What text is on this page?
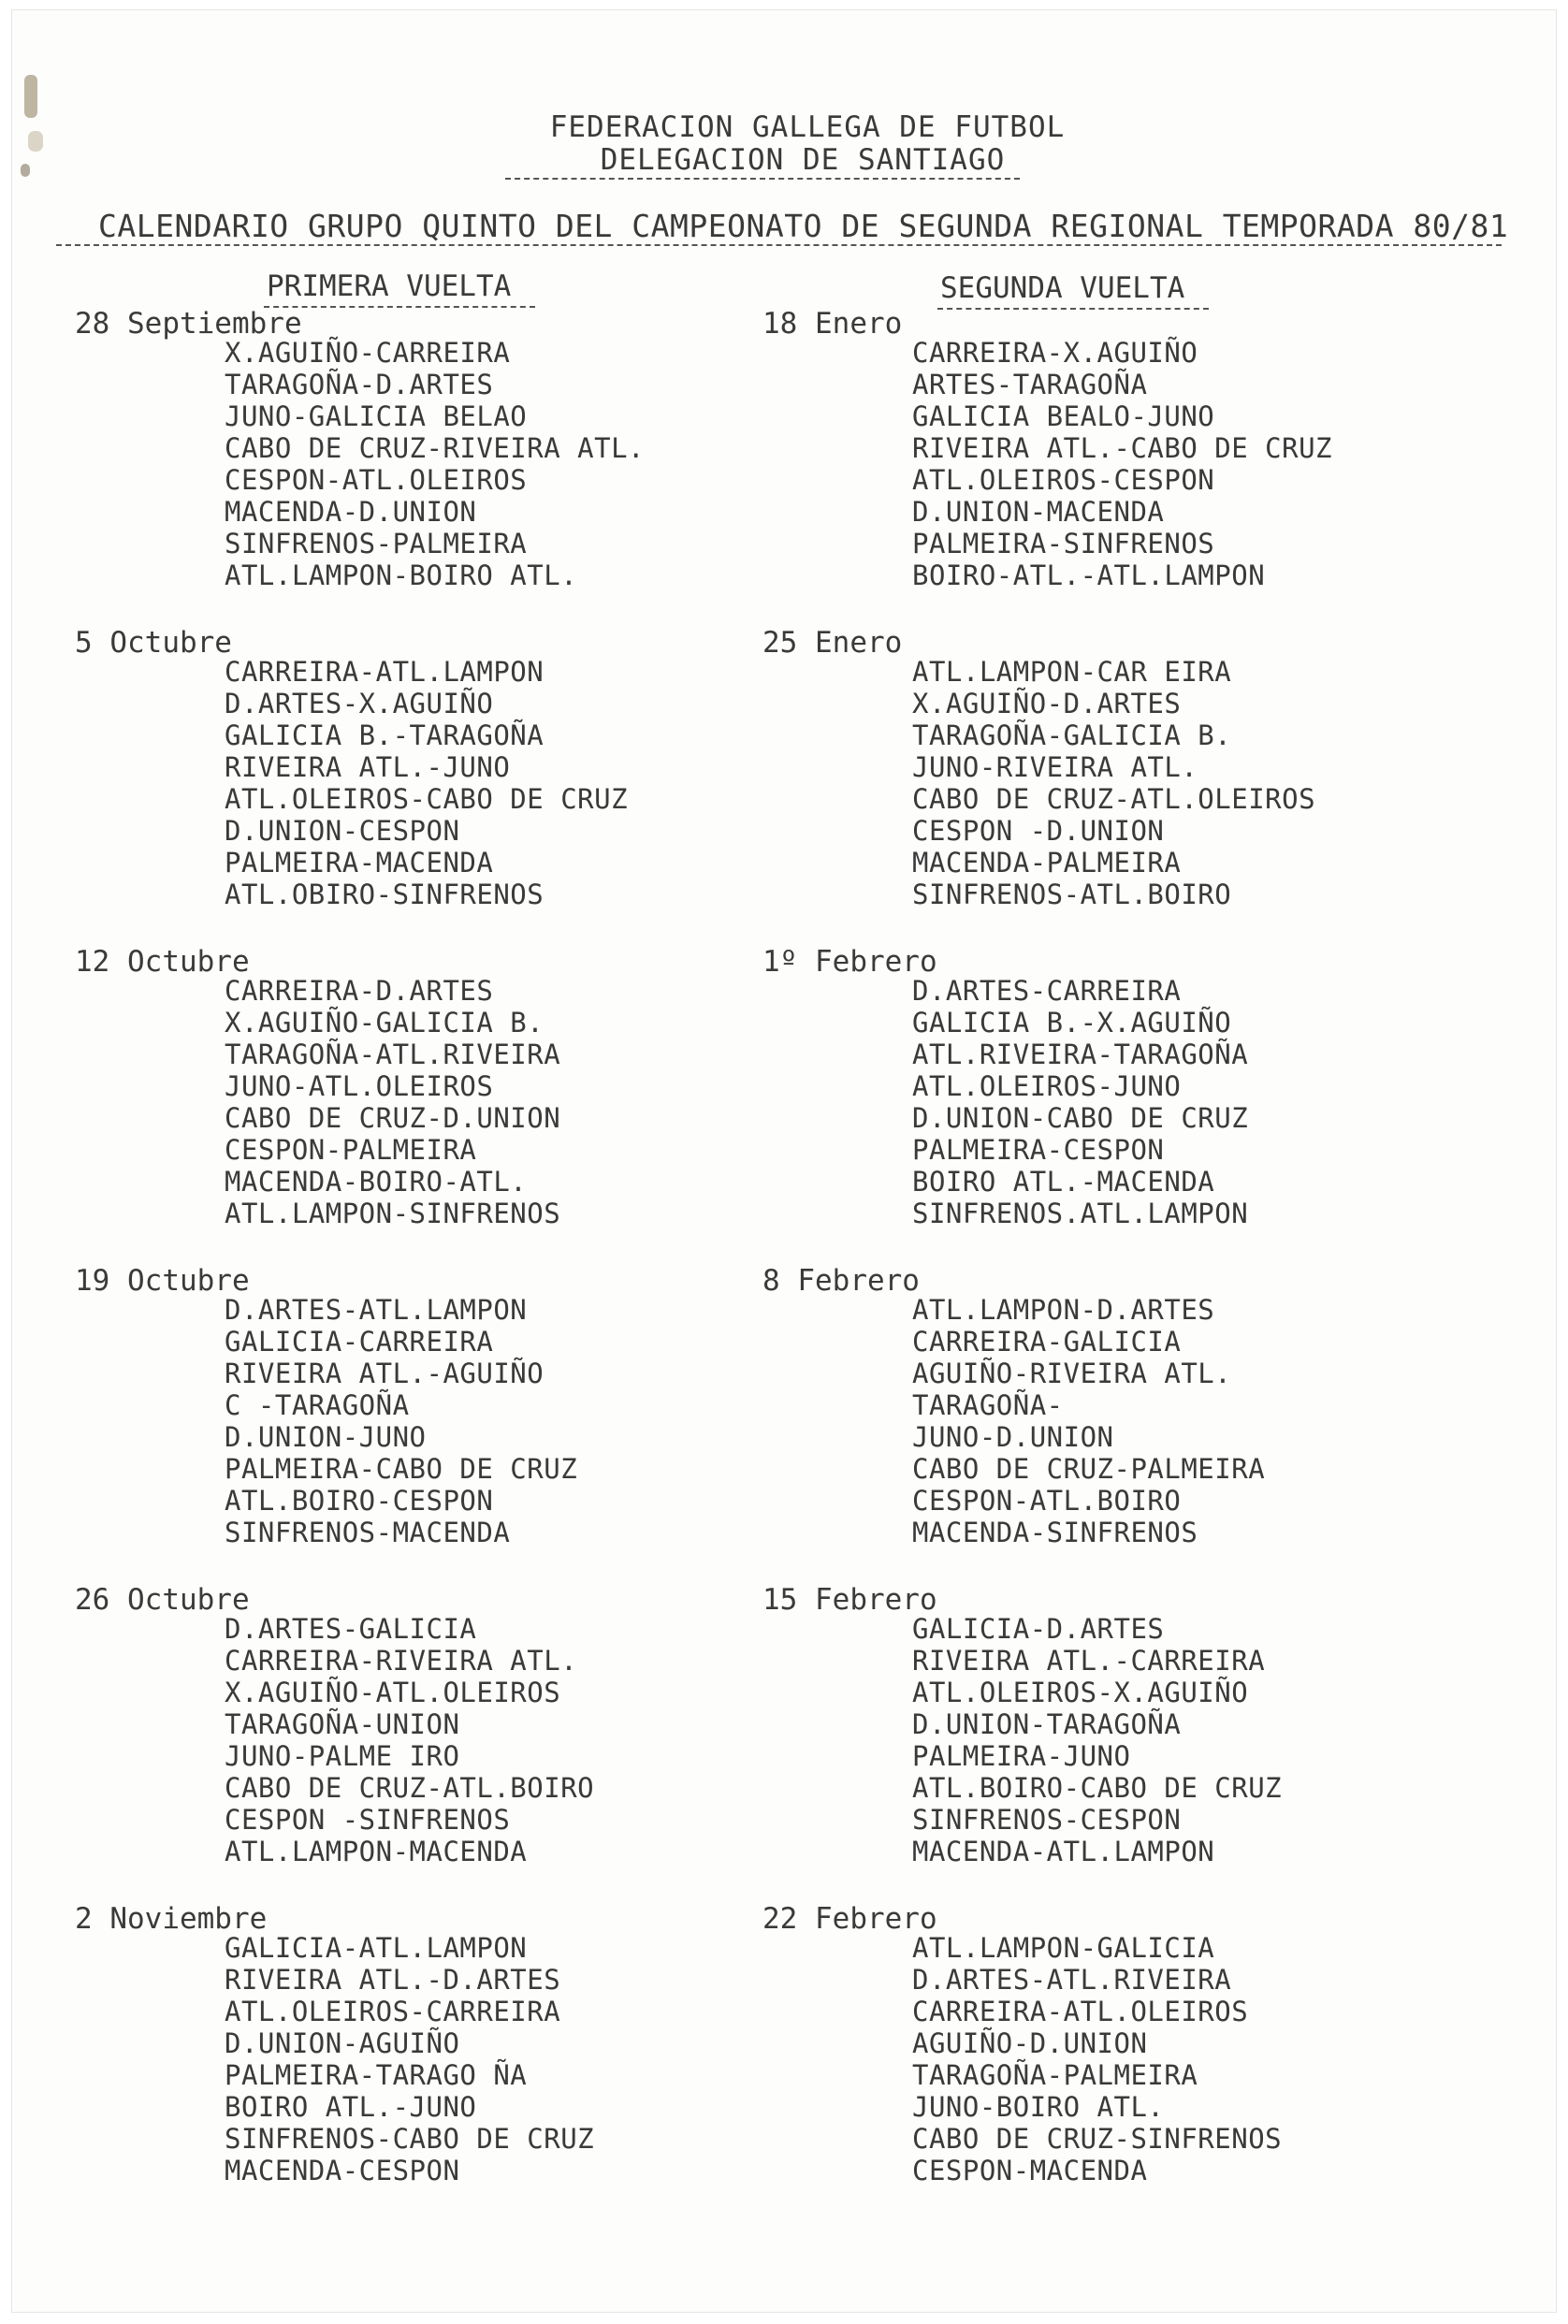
FEDERACION GALLEGA DE FUTBOL
DELEGACION DE SANTIAGO
CALENDARIO GRUPO QUINTO DEL CAMPEONATO DE SEGUNDA REGIONAL TEMPORADA 80/81
PRIMERA VUELTA	SEGUNDA VUELTA
28 Septiembre
X.AGUIÑO-CARREIRA
TARAGOÑA-D.ARTES
JUNO-GALICIA BELAO
CABO DE CRUZ-RIVEIRA ATL.
CESPON-ATL.OLEIROS
MACENDA-D.UNION
SINFRENOS-PALMEIRA
ATL.LAMPON-BOIRO ATL.
5 Octubre
CARREIRA-ATL.LAMPON
D.ARTES-X.AGUIÑO
GALICIA B.-TARAGOÑA
RIVEIRA ATL.-JUNO
ATL.OLEIROS-CABO DE CRUZ
D.UNION-CESPON
PALMEIRA-MACENDA
ATL.OBIRO-SINFRENOS
12 Octubre
CARREIRA-D.ARTES
X.AGUIÑO-GALICIA B.
TARAGOÑA-ATL.RIVEIRA
JUNO-ATL.OLEIROS
CABO DE CRUZ-D.UNION
CESPON-PALMEIRA
MACENDA-BOIRO-ATL.
ATL.LAMPON-SINFRENOS
19 Octubre
D.ARTES-ATL.LAMPON
GALICIA-CARREIRA
RIVEIRA ATL.-AGUIÑO
C -TARAGOÑA
D.UNION-JUNO
PALMEIRA-CABO DE CRUZ
ATL.BOIRO-CESPON
SINFRENOS-MACENDA
26 Octubre
D.ARTES-GALICIA
CARREIRA-RIVEIRA ATL.
X.AGUIÑO-ATL.OLEIROS
TARAGOÑA-UNION
JUNO-PALME IRO
CABO DE CRUZ-ATL.BOIRO
CESPON -SINFRENOS
ATL.LAMPON-MACENDA
2 Noviembre
GALICIA-ATL.LAMPON
RIVEIRA ATL.-D.ARTES
ATL.OLEIROS-CARREIRA
D.UNION-AGUIÑO
PALMEIRA-TARAGO ÑA
BOIRO ATL.-JUNO
SINFRENOS-CABO DE CRUZ
MACENDA-CESPON
18 Enero
CARREIRA-X.AGUIÑO
ARTES-TARAGOÑA
GALICIA BEALO-JUNO
RIVEIRA ATL.-CABO DE CRUZ
ATL.OLEIROS-CESPON
D.UNION-MACENDA
PALMEIRA-SINFRENOS
BOIRO-ATL.-ATL.LAMPON
25 Enero
ATL.LAMPON-CAR EIRA
X.AGUIÑO-D.ARTES
TARAGOÑA-GALICIA B.
JUNO-RIVEIRA ATL.
CABO DE CRUZ-ATL.OLEIROS
CESPON -D.UNION
MACENDA-PALMEIRA
SINFRENOS-ATL.BOIRO
1º Febrero
D.ARTES-CARREIRA
GALICIA B.-X.AGUIÑO
ATL.RIVEIRA-TARAGOÑA
ATL.OLEIROS-JUNO
D.UNION-CABO DE CRUZ
PALMEIRA-CESPON
BOIRO ATL.-MACENDA
SINFRENOS.ATL.LAMPON
8 Febrero
ATL.LAMPON-D.ARTES
CARREIRA-GALICIA
AGUIÑO-RIVEIRA ATL.
TARAGOÑA-
JUNO-D.UNION
CABO DE CRUZ-PALMEIRA
CESPON-ATL.BOIRO
MACENDA-SINFRENOS
15 Febrero
GALICIA-D.ARTES
RIVEIRA ATL.-CARREIRA
ATL.OLEIROS-X.AGUIÑO
D.UNION-TARAGOÑA
PALMEIRA-JUNO
ATL.BOIRO-CABO DE CRUZ
SINFRENOS-CESPON
MACENDA-ATL.LAMPON
22 Febrero
ATL.LAMPON-GALICIA
D.ARTES-ATL.RIVEIRA
CARREIRA-ATL.OLEIROS
AGUIÑO-D.UNION
TARAGOÑA-PALMEIRA
JUNO-BOIRO ATL.
CABO DE CRUZ-SINFRENOS
CESPON-MACENDA
